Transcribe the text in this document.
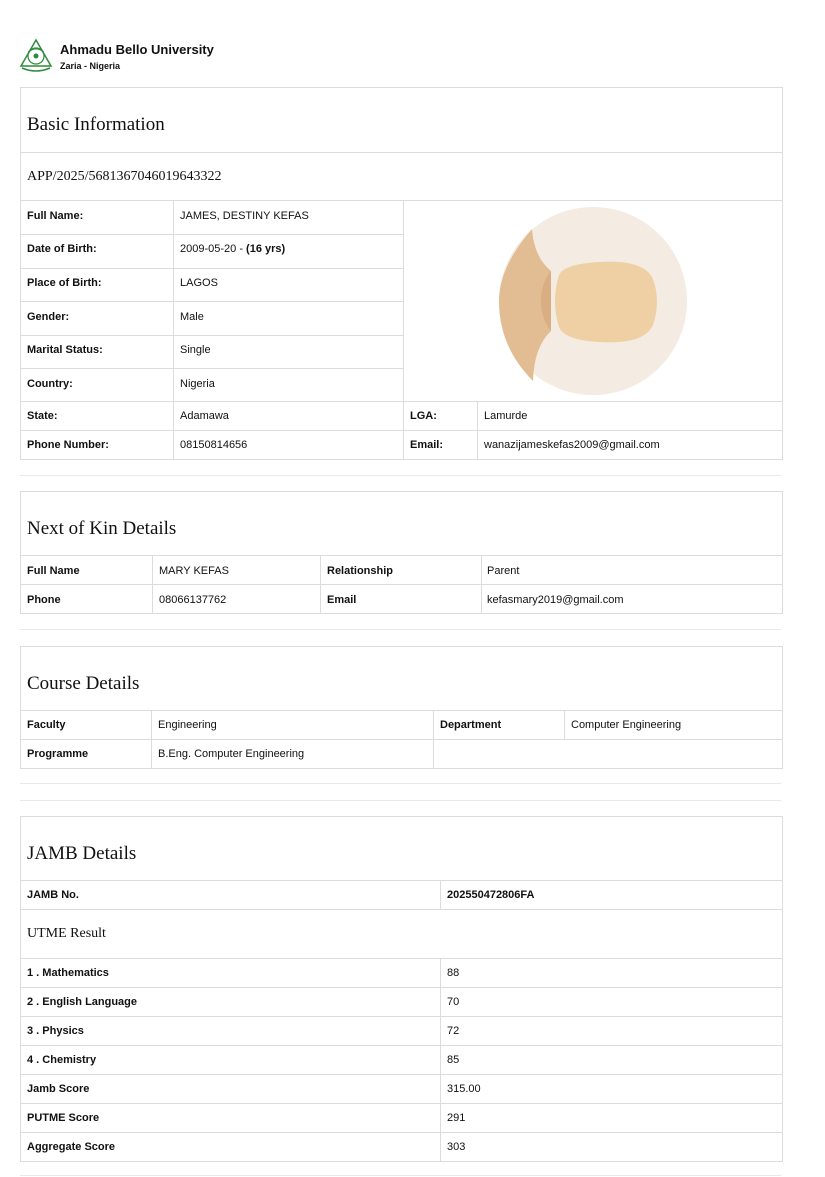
Ahmadu Bello University
Zaria - Nigeria
Basic Information
APP/2025/5681367046019643322
Full Name:	JAMES, DESTINY KEFAS
Date of Birth:	2009-05-20 - (16 yrs)
Place of Birth:	LAGOS
Gender:	Male
Marital Status:	Single
Country:	Nigeria
State:	Adamawa	LGA:	Lamurde
Phone Number:	08150814656	Email:	wanazijameskefas2009@gmail.com
Next of Kin Details
Full Name	MARY KEFAS	Relationship	Parent
Phone	08066137762	Email	kefasmary2019@gmail.com
Course Details
Faculty	Engineering	Department	Computer Engineering
Programme	B.Eng. Computer Engineering
JAMB Details
JAMB No.	202550472806FA
UTME Result
1 . Mathematics	88
2 . English Language	70
3 . Physics	72
4 . Chemistry	85
Jamb Score	315.00
PUTME Score	291
Aggregate Score	303
